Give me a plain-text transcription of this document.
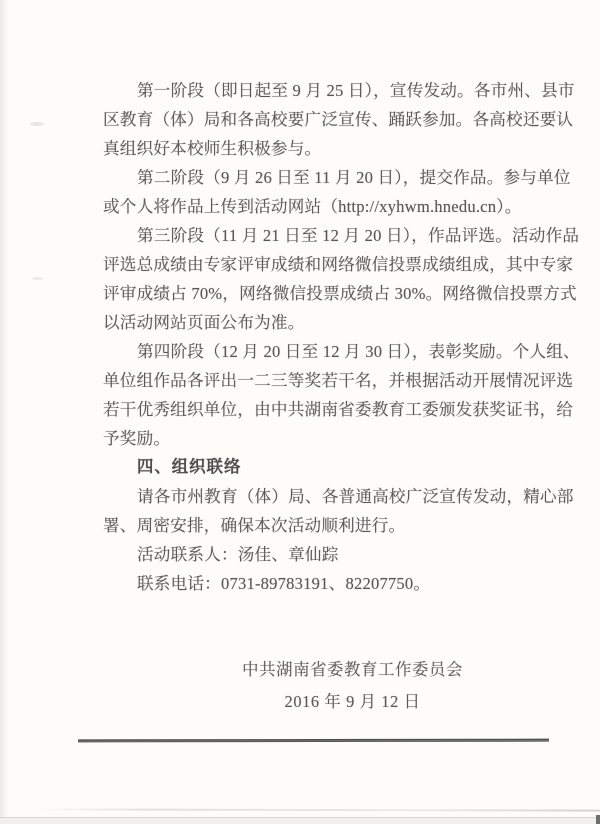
第一阶段（即日起至 9 月 25 日），宣传发动。各市州、县市

区教育（体）局和各高校要广泛宣传、踊跃参加。各高校还要认

真组织好本校师生积极参与。

第二阶段（9 月 26 日至 11 月 20 日），提交作品。参与单位

或个人将作品上传到活动网站（http://xyhwm.hnedu.cn）。

第三阶段（11 月 21 日至 12 月 20 日），作品评选。活动作品

评选总成绩由专家评审成绩和网络微信投票成绩组成，其中专家

评审成绩占 70%，网络微信投票成绩占 30%。网络微信投票方式

以活动网站页面公布为准。

第四阶段（12 月 20 日至 12 月 30 日），表彰奖励。个人组、

单位组作品各评出一二三等奖若干名，并根据活动开展情况评选

若干优秀组织单位，由中共湖南省委教育工委颁发获奖证书，给

予奖励。

四、组织联络

请各市州教育（体）局、各普通高校广泛宣传发动，精心部

署、周密安排，确保本次活动顺利进行。

活动联系人：汤佳、章仙踪

联系电话：0731-89783191、82207750。

中共湖南省委教育工作委员会

2016 年 9 月 12 日
